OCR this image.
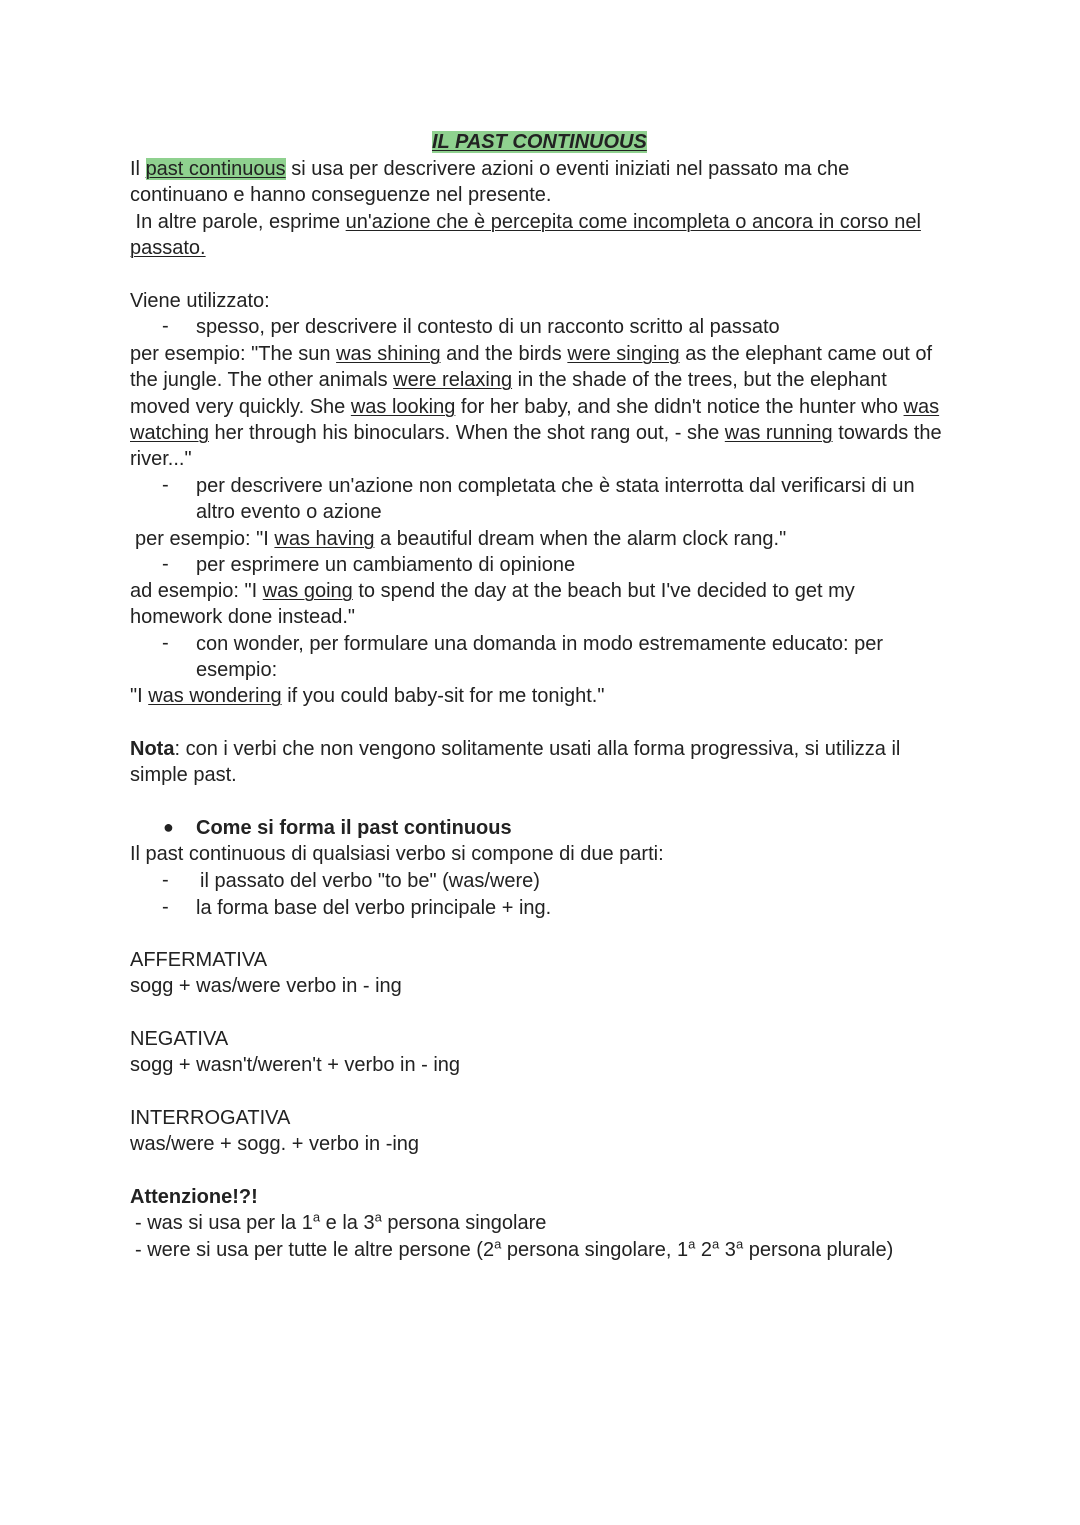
IL PAST CONTINUOUS
Il past continuous si usa per descrivere azioni o eventi iniziati nel passato ma che
continuano e hanno conseguenze nel presente.
In altre parole, esprime un'azione che è percepita come incompleta o ancora in corso nel
passato.
Viene utilizzato:
- spesso, per descrivere il contesto di un racconto scritto al passato
per esempio: "The sun was shining and the birds were singing as the elephant came out of
the jungle. The other animals were relaxing in the shade of the trees, but the elephant
moved very quickly. She was looking for her baby, and she didn't notice the hunter who was
watching her through his binoculars. When the shot rang out, - she was running towards the
river..."
- per descrivere un'azione non completata che è stata interrotta dal verificarsi di un
altro evento o azione
per esempio: "I was having a beautiful dream when the alarm clock rang."
- per esprimere un cambiamento di opinione
ad esempio: "I was going to spend the day at the beach but I've decided to get my
homework done instead."
- con wonder, per formulare una domanda in modo estremamente educato: per
esempio:
"I was wondering if you could baby-sit for me tonight."
Nota: con i verbi che non vengono solitamente usati alla forma progressiva, si utilizza il
simple past.
● Come si forma il past continuous
Il past continuous di qualsiasi verbo si compone di due parti:
- il passato del verbo "to be" (was/were)
- la forma base del verbo principale + ing.
AFFERMATIVA
sogg + was/were verbo in - ing
NEGATIVA
sogg + wasn't/weren't + verbo in - ing
INTERROGATIVA
was/were + sogg. + verbo in -ing
Attenzione!?!
- was si usa per la 1$^a$ e la 3$^a$ persona singolare
- were si usa per tutte le altre persone (2$^a$ persona singolare, 1$^a$ 2$^a$ 3$^a$ persona plurale)
